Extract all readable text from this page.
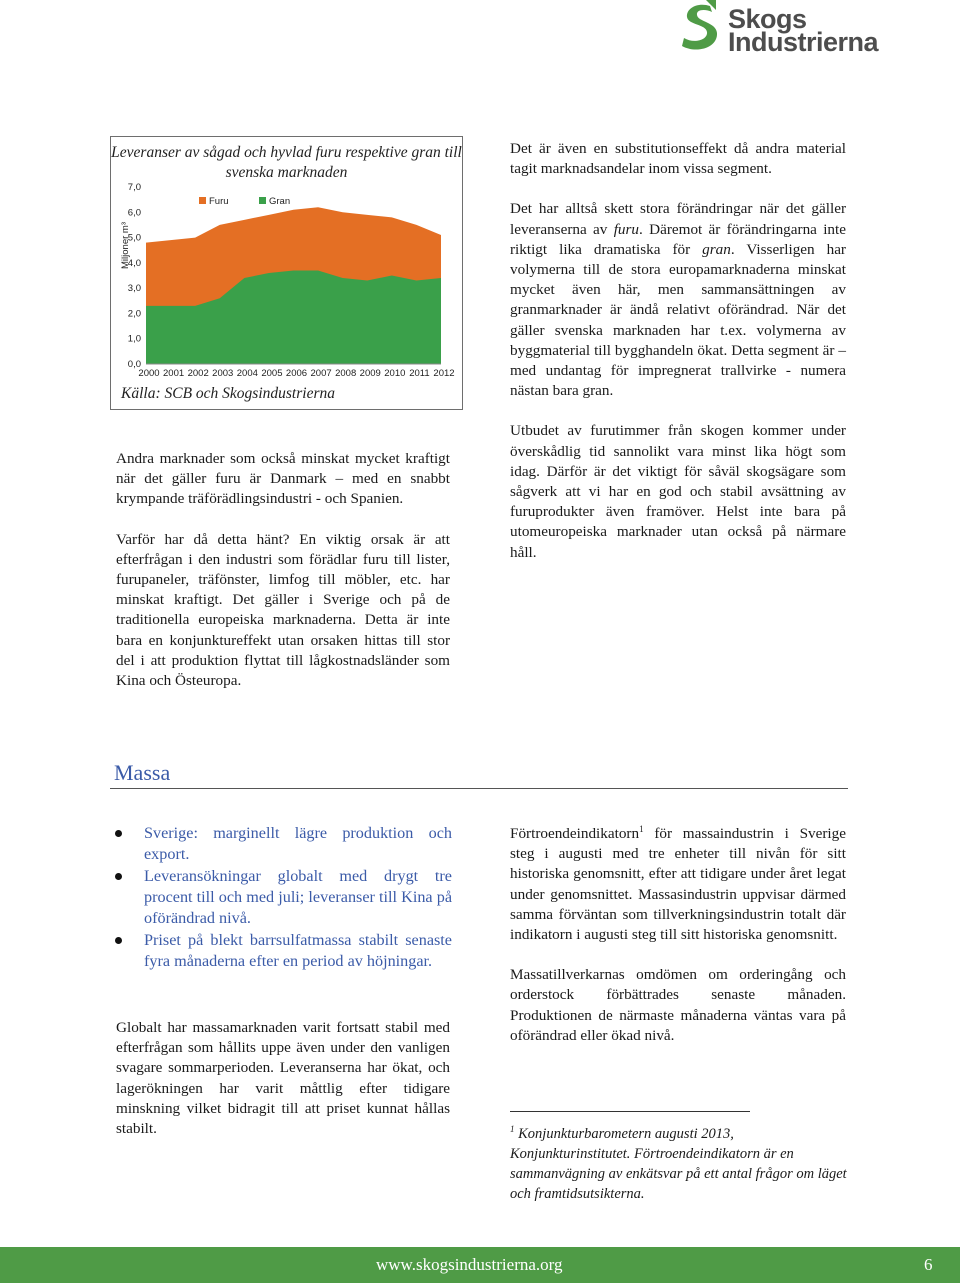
Skogs
Industrierna
Leveranser av sågad och hyvlad furu respektive gran till svenska marknaden
0,0
1,0
2,0
3,0
4,0
5,0
6,0
7,0
Miljoner m³
2000 2001 2002 2003 2004 2005 2006 2007 2008 2009 2010 2011 2012
Furu	Gran
Källa: SCB och Skogsindustrierna

Andra marknader som också minskat mycket kraftigt när det gäller furu är Danmark – med en snabbt krympande träförädlingsindustri - och Spanien.

Varför har då detta hänt? En viktig orsak är att efterfrågan i den industri som förädlar furu till lister, furupaneler, träfönster, limfog till möbler, etc. har minskat kraftigt. Det gäller i Sverige och på de traditionella europeiska marknaderna. Detta är inte bara en konjunktureffekt utan orsaken hittas till stor del i att produktion flyttat till lågkostnadsländer som Kina och Östeuropa.

Det är även en substitutionseffekt då andra material tagit marknadsandelar inom vissa segment.

Det har alltså skett stora förändringar när det gäller leveranserna av furu. Däremot är förändringarna inte riktigt lika dramatiska för gran. Visserligen har volymerna till de stora europamarknaderna minskat mycket även här, men sammansättningen av granmarknader är ändå relativt oförändrad. När det gäller svenska marknaden har t.ex. volymerna av byggmaterial till bygghandeln ökat. Detta segment är – med undantag för impregnerat trallvirke - numera nästan bara gran.

Utbudet av furutimmer från skogen kommer under överskådlig tid sannolikt vara minst lika högt som idag. Därför är det viktigt för såväl skogsägare som sågverk att vi har en god och stabil avsättning av furuprodukter även framöver. Helst inte bara på utomeuropeiska marknader utan också på närmare håll.

Massa
Sverige: marginellt lägre produktion och export.
Leveransökningar globalt med drygt tre procent till och med juli; leveranser till Kina på oförändrad nivå.
Priset på blekt barrsulfatmassa stabilt senaste fyra månaderna efter en period av höjningar.

Globalt har massamarknaden varit fortsatt stabil med efterfrågan som hållits uppe även under den vanligen svagare sommarperioden. Leveranserna har ökat, och lagerökningen har varit måttlig efter tidigare minskning vilket bidragit till att priset kunnat hållas stabilt.

Förtroendeindikatorn$^1$ för massaindustrin i Sverige steg i augusti med tre enheter till nivån för sitt historiska genomsnitt, efter att tidigare under året legat under genomsnittet. Massasindustrin uppvisar därmed samma förväntan som tillverkningsindustrin totalt där indikatorn i augusti steg till sitt historiska genomsnitt.

Massatillverkarnas omdömen om orderingång och orderstock förbättrades senaste månaden. Produktionen de närmaste månaderna väntas vara på oförändrad eller ökad nivå.

$^1$ Konjunkturbarometern augusti 2013, Konjunkturinstitutet. Förtroendeindikatorn är en sammanvägning av enkätsvar på ett antal frågor om läget och framtidsutsikterna.
www.skogsindustrierna.org	6
